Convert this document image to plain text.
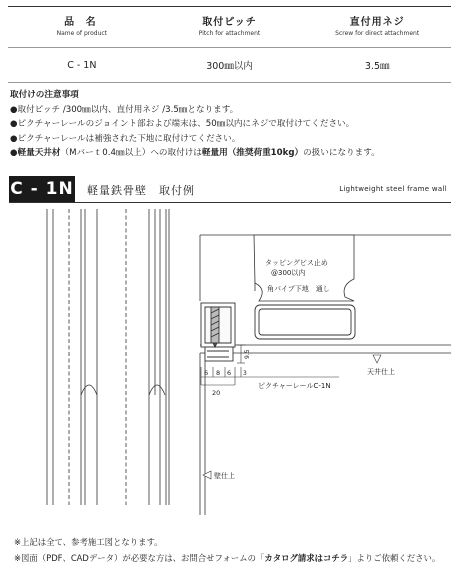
品 名
Name of product
取付ピッチ
Pitch for attachment
直付用ネジ
Screw for direct attachment
C - 1N	300㎜以内	3.5㎜
取付けの注意事項
●取付ピッチ /300㎜以内、直付用ネジ /3.5㎜となります。
●ピクチャーレールのジョイント部および端末は、50㎜以内にネジで取付けてください。
●ピクチャーレールは補強された下地に取付けてください。
●軽量天井材（Mバーｔ0.4㎜以上）への取付けは軽量用（推奨荷重10kg）の扱いになります。
C - 1N 軽量鉄骨壁　取付例	Lightweight steel frame wall
タッピングビス止め
@300以内
角パイプ下地　通し
6 8 6
20
9.5
3
ピクチャーレールC-1N
天井仕上
壁仕上
※上記は全て、参考施工図となります。
※図面（PDF、CADデータ）が必要な方は、お問合せフォームの「カタログ請求はコチラ」よりご依頼ください。
